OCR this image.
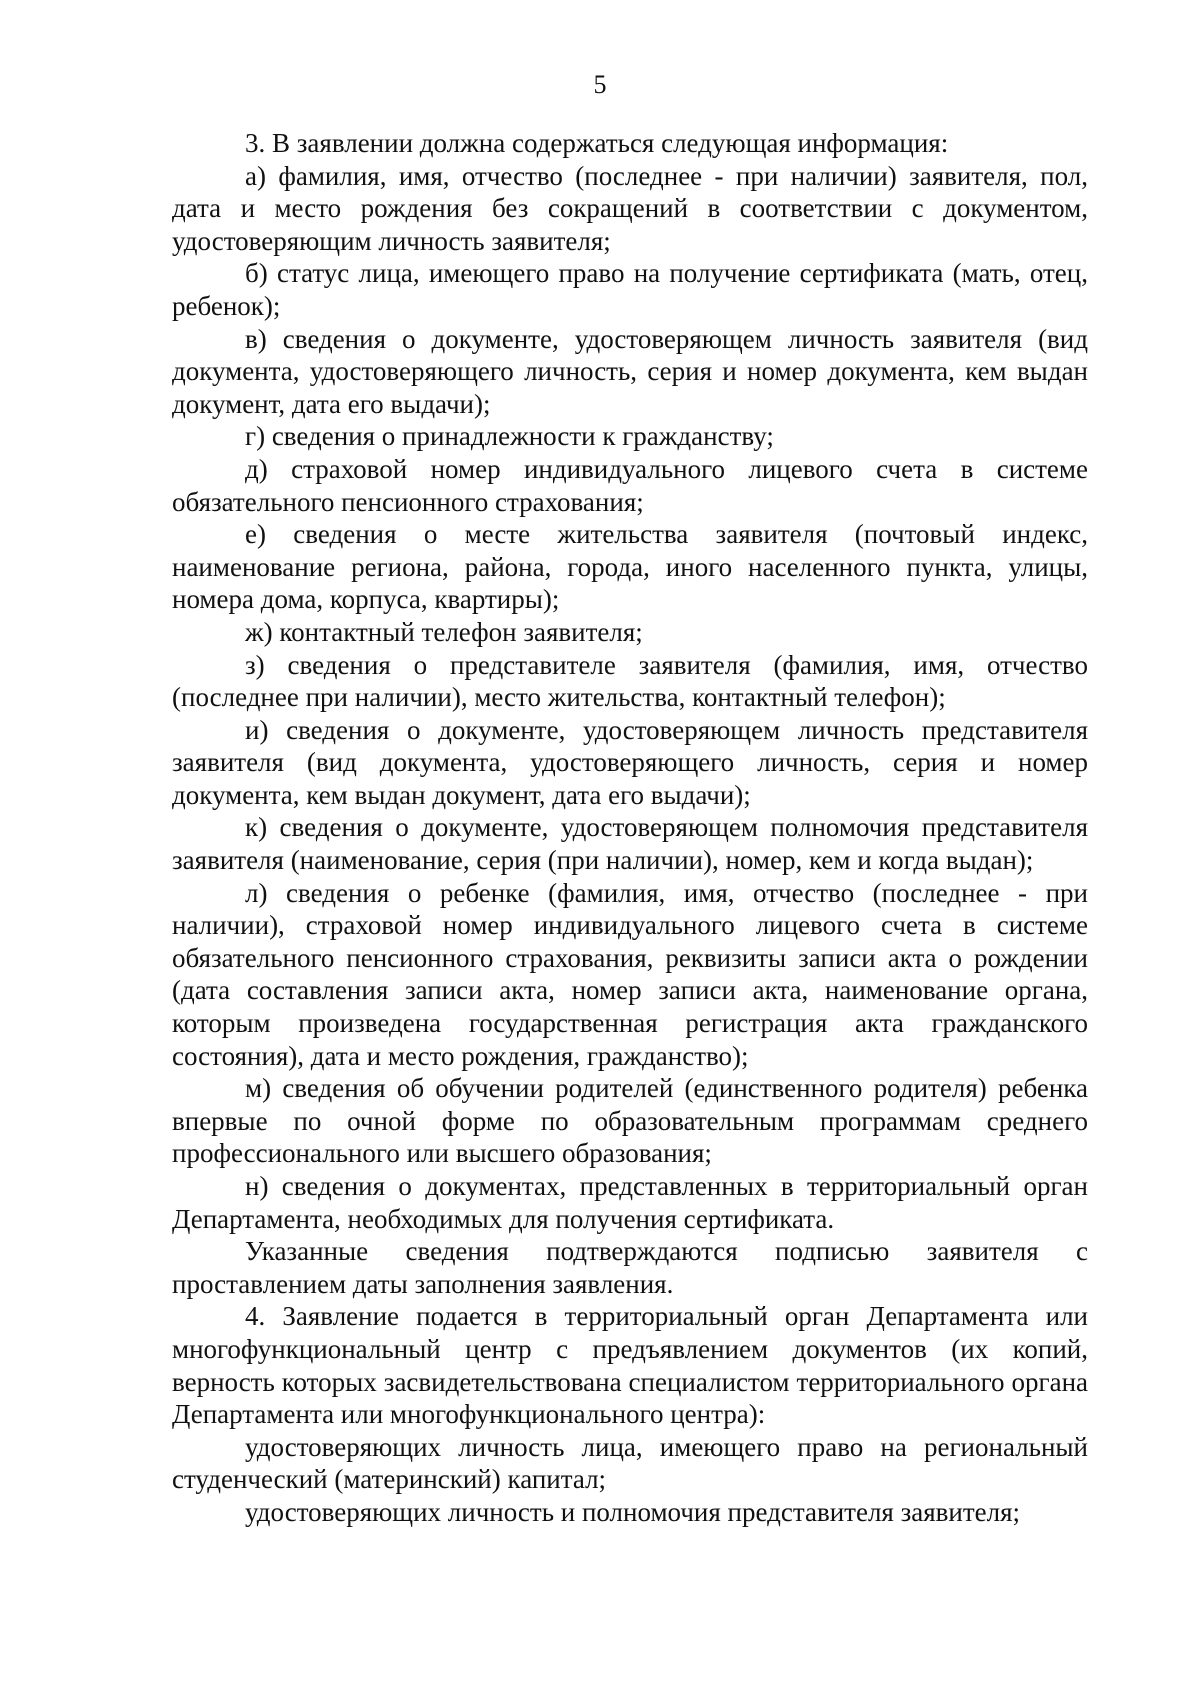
5

3. В заявлении должна содержаться следующая информация:

а) фамилия, имя, отчество (последнее - при наличии) заявителя, пол, дата и место рождения без сокращений в соответствии с документом, удостоверяющим личность заявителя;

б) статус лица, имеющего право на получение сертификата (мать, отец, ребенок);

в) сведения о документе, удостоверяющем личность заявителя (вид документа, удостоверяющего личность, серия и номер документа, кем выдан документ, дата его выдачи);

г) сведения о принадлежности к гражданству;

д) страховой номер индивидуального лицевого счета в системе обязательного пенсионного страхования;

е) сведения о месте жительства заявителя (почтовый индекс, наименование региона, района, города, иного населенного пункта, улицы, номера дома, корпуса, квартиры);

ж) контактный телефон заявителя;

з) сведения о представителе заявителя (фамилия, имя, отчество (последнее при наличии), место жительства, контактный телефон);

и) сведения о документе, удостоверяющем личность представителя заявителя (вид документа, удостоверяющего личность, серия и номер документа, кем выдан документ, дата его выдачи);

к) сведения о документе, удостоверяющем полномочия представителя заявителя (наименование, серия (при наличии), номер, кем и когда выдан);

л) сведения о ребенке (фамилия, имя, отчество (последнее - при наличии), страховой номер индивидуального лицевого счета в системе обязательного пенсионного страхования, реквизиты записи акта о рождении (дата составления записи акта, номер записи акта, наименование органа, которым произведена государственная регистрация акта гражданского состояния), дата и место рождения, гражданство);

м) сведения об обучении родителей (единственного родителя) ребенка впервые по очной форме по образовательным программам среднего профессионального или высшего образования;

н) сведения о документах, представленных в территориальный орган Департамента, необходимых для получения сертификата.

Указанные сведения подтверждаются подписью заявителя с проставлением даты заполнения заявления.

4. Заявление подается в территориальный орган Департамента или многофункциональный центр с предъявлением документов (их копий, верность которых засвидетельствована специалистом территориального органа Департамента или многофункционального центра):

удостоверяющих личность лица, имеющего право на региональный студенческий (материнский) капитал;

удостоверяющих личность и полномочия представителя заявителя;
